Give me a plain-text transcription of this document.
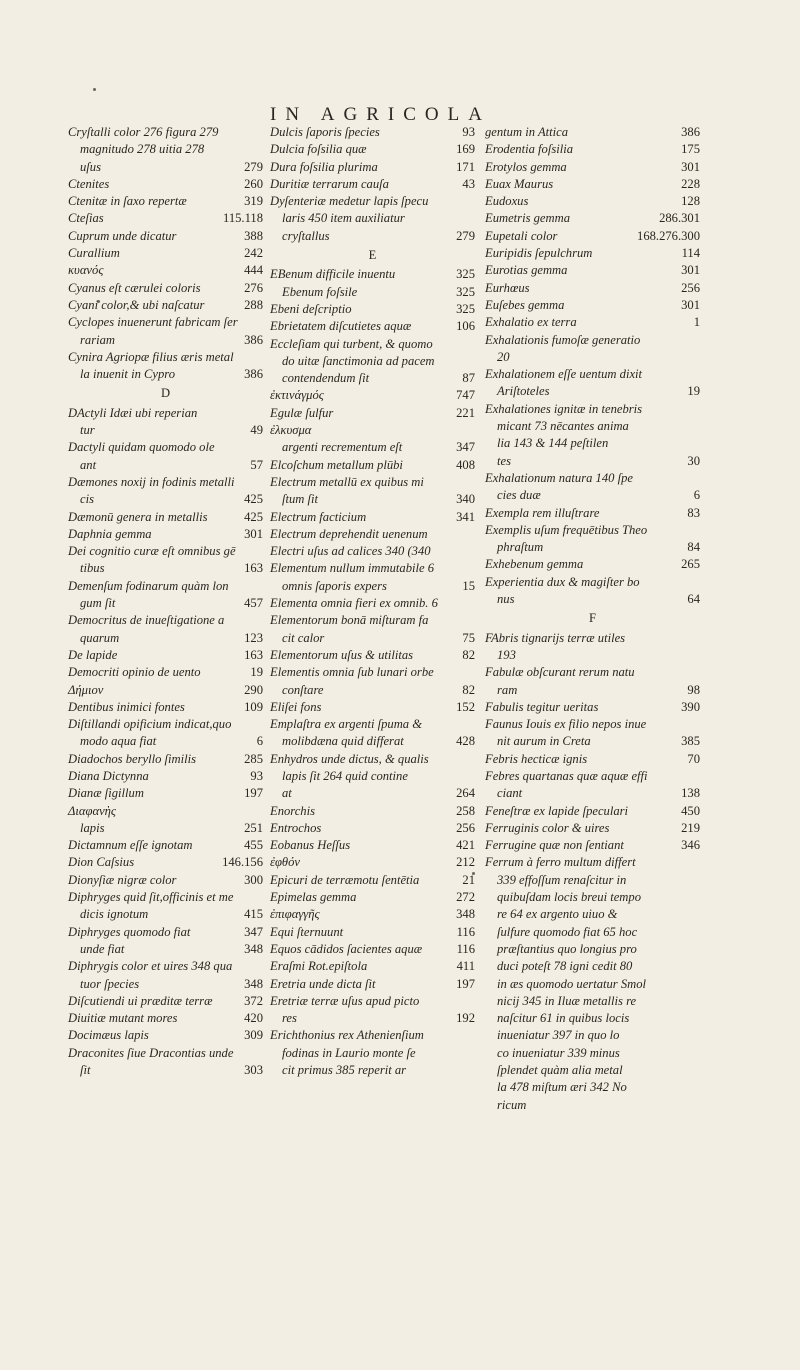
IN AGRICOLA
Cryſtalli color 276 figura 279
magnitudo 278 uitia 278
uſus	279
Ctenites	260
Ctenitæ in ſaxo repertæ	319
Cteſias	115.118
Cuprum unde dicatur	388
Curallium	242
κυανός	444
Cyanus eſt cærulei coloris	276
Cyani color,& ubi naſcatur	288
Cyclopes inuenerunt fabricam ſer
rariam	386
Cynira Agriopæ filius æris metal
la inuenit in Cypro	386
D
DActyli Idæi ubi reperian
tur	49
Dactyli quidam quomodo ole
ant	57
Dæmones noxij in fodinis metalli
cis	425
Dæmonū genera in metallis	425
Daphnia gemma	301
Dei cognitio curæ eſt omnibus gē
tibus	163
Demenſum fodinarum quàm lon
gum ſit	457
Democritus de inueſtigatione a
quarum	123
De lapide	163
Democriti opinio de uento	19
Δήμιον	290
Dentibus inimici fontes	109
Diſtillandi opificium indicat,quo
modo aqua fiat	6
Diadochos beryllo ſimilis	285
Diana Dictynna	93
Dianæ ſigillum	197
Διαφανὴς
lapis	251
Dictamnum eſſe ignotam	455
Dion Caſsius	146.156
Dionyſiæ nigræ color	300
Diphryges quid ſit,officinis et me
dicis ignotum	415
Diphryges quomodo fiat	347
unde fiat	348
Diphrygis color et uires 348 qua
tuor ſpecies	348
Diſcutiendi ui præditæ terræ	372
Diuitiæ mutant mores	420
Docimæus lapis	309
Draconites ſiue Dracontias unde
ſit	303
Dulcis ſaporis ſpecies	93
Dulcia foſsilia quæ	169
Dura foſsilia plurima	171
Duritiæ terrarum cauſa	43
Dyſenteriæ medetur lapis ſpecu
laris 450 item auxiliatur
cryſtallus	279
E
EBenum difficile inuentu	325
Ebenum foſsile	325
Ebeni deſcriptio	325
Ebrietatem diſcutietes aquæ	106
Eccleſiam qui turbent, & quomo
do uitæ ſanctimonia ad pacem
contendendum ſit	87
ἐκτινάγμός	747
Egulæ ſulfur	221
ἐλκυσμα
argenti recrementum eſt	347
Elcoſchum metallum plūbi	408
Electrum metallū ex quibus mi
ſtum ſit	340
Electrum facticium	341
Electrum deprehendit uenenum
Electri uſus ad calices 340 (340
Elementum nullum immutabile 6
omnis ſaporis expers	15
Elementa omnia fieri ex omnib. 6
Elementorum bonā miſturam fa
cit calor	75
Elementorum uſus & utilitas	82
Elementis omnia ſub lunari orbe
conſtare	82
Eliſei fons	152
Emplaſtra ex argenti ſpuma &
molibdæna quid differat	428
Enhydros unde dictus, & qualis
lapis ſit 264 quid contine
at	264
Enorchis	258
Entrochos	256
Eobanus Heſſus	421
ἐφθόν	212
Epicuri de terræmotu ſentētia	21
Epimelas gemma	272
ἐπιφαγγῆς	348
Equi ſternuunt	116
Equos cādidos ſacientes aquæ	116
Eraſmi Rot.epiſtola	411
Eretria unde dicta ſit	197
Eretriæ terræ uſus apud picto
res	192
Erichthonius rex Athenienſium
fodinas in Laurio monte ſe
cit primus 385 reperit ar
gentum in Attica	386
Erodentia foſsilia	175
Erotylos gemma	301
Euax Maurus	228
Eudoxus	128
Eumetris gemma	286.301
Eupetali color	168.276.300
Euripidis ſepulchrum	114
Eurotias gemma	301
Eurhœus	256
Euſebes gemma	301
Exhalatio ex terra	1
Exhalationis fumoſæ generatio
20
Exhalationem eſſe uentum dixit
Ariſtoteles	19
Exhalationes ignitæ in tenebris
micant 73 nēcantes anima
lia 143 & 144 peſtilen
tes	30
Exhalationum natura 140 ſpe
cies duæ	6
Exempla rem illuſtrare	83
Exemplis uſum frequētibus Theo
phraſtum	84
Exhebenum gemma	265
Experientia dux & magiſter bo
nus	64
F
FAbris tignarijs terræ utiles
193
Fabulæ obſcurant rerum natu
ram	98
Fabulis tegitur ueritas	390
Faunus Iouis ex filio nepos inue
nit aurum in Creta	385
Febris hecticæ ignis	70
Febres quartanas quæ aquæ effi
ciant	138
Feneſtræ ex lapide ſpeculari	450
Ferruginis color & uires	219
Ferrugine quæ non ſentiant	346
Ferrum à ferro multum differt
339 effoſſum renaſcitur in
quibuſdam locis breui tempo
re 64 ex argento uiuo &
ſulfure quomodo fiat 65 hoc
præſtantius quo longius pro
duci poteſt 78 igni cedit 80
in æs quomodo uertatur Smol
nicij 345 in Iluæ metallis re
naſcitur 61 in quibus locis
inueniatur 397 in quo lo
co inueniatur 339 minus
ſplendet quàm alia metal
la 478 miſtum æri 342 No
ricum
